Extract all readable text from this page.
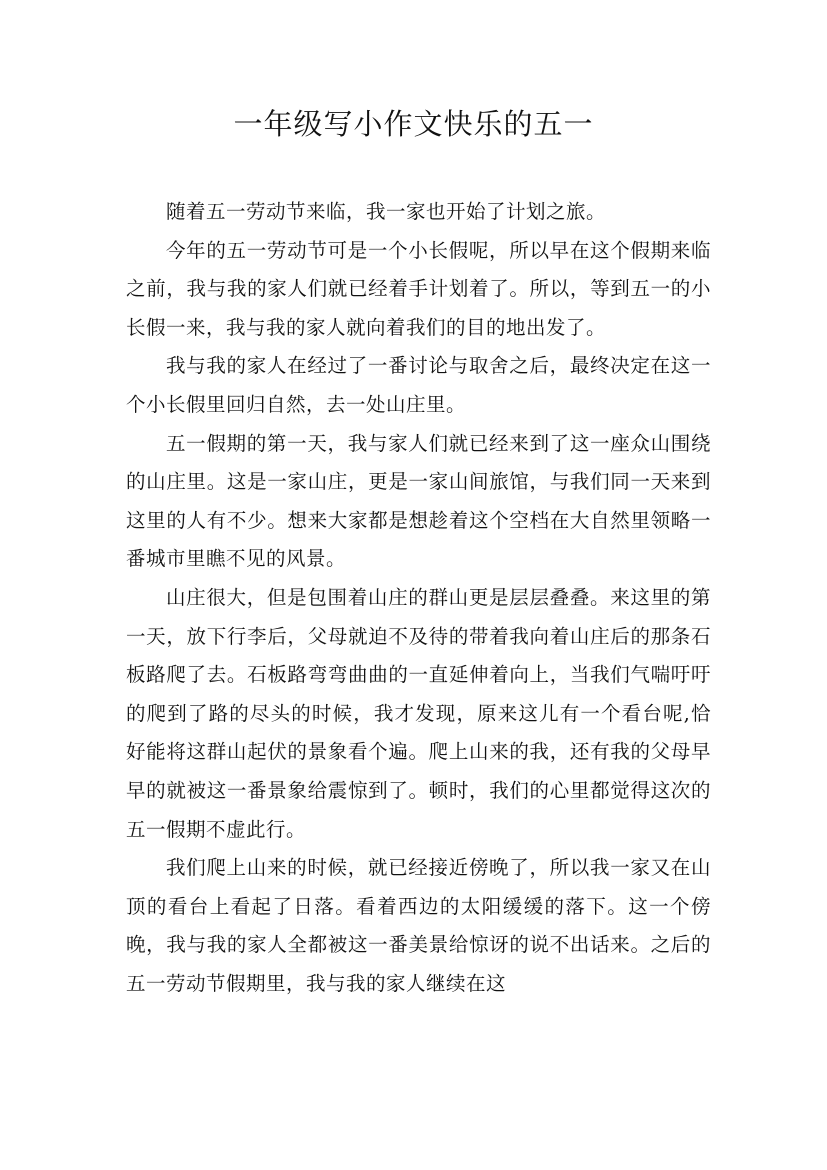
一年级写小作文快乐的五一

随着五一劳动节来临，我一家也开始了计划之旅。

今年的五一劳动节可是一个小长假呢，所以早在这个假期来临之前，我与我的家人们就已经着手计划着了。所以，等到五一的小长假一来，我与我的家人就向着我们的目的地出发了。

我与我的家人在经过了一番讨论与取舍之后，最终决定在这一个小长假里回归自然，去一处山庄里。

五一假期的第一天，我与家人们就已经来到了这一座众山围绕的山庄里。这是一家山庄，更是一家山间旅馆，与我们同一天来到这里的人有不少。想来大家都是想趁着这个空档在大自然里领略一番城市里瞧不见的风景。

山庄很大，但是包围着山庄的群山更是层层叠叠。来这里的第一天，放下行李后，父母就迫不及待的带着我向着山庄后的那条石板路爬了去。石板路弯弯曲曲的一直延伸着向上，当我们气喘吁吁的爬到了路的尽头的时候，我才发现，原来这儿有一个看台呢,恰好能将这群山起伏的景象看个遍。爬上山来的我，还有我的父母早早的就被这一番景象给震惊到了。顿时，我们的心里都觉得这次的五一假期不虚此行。

我们爬上山来的时候，就已经接近傍晚了，所以我一家又在山顶的看台上看起了日落。看着西边的太阳缓缓的落下。这一个傍晚，我与我的家人全都被这一番美景给惊讶的说不出话来。之后的五一劳动节假期里，我与我的家人继续在这
